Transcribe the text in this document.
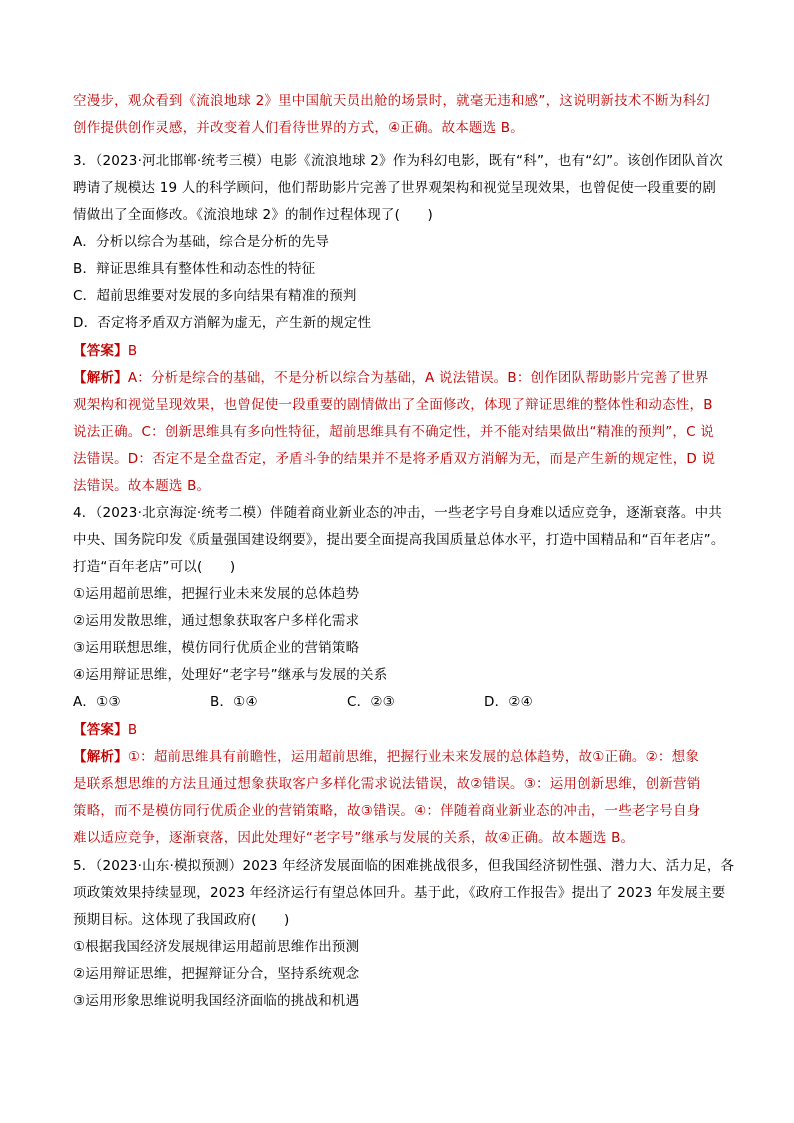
空漫步，观众看到《流浪地球 2》里中国航天员出舱的场景时，就毫无违和感”，这说明新技术不断为科幻
创作提供创作灵感，并改变着人们看待世界的方式，④正确。故本题选 B。
3．（2023·河北邯郸·统考三模）电影《流浪地球 2》作为科幻电影，既有“科”，也有“幻”。该创作团队首次
聘请了规模达 19 人的科学顾问，他们帮助影片完善了世界观架构和视觉呈现效果，也曾促使一段重要的剧
情做出了全面修改。《流浪地球 2》的制作过程体现了(　　)
A．分析以综合为基础，综合是分析的先导
B．辩证思维具有整体性和动态性的特征
C．超前思维要对发展的多向结果有精准的预判
D．否定将矛盾双方消解为虚无，产生新的规定性
【答案】B
【解析】A：分析是综合的基础，不是分析以综合为基础，A 说法错误。B：创作团队帮助影片完善了世界
观架构和视觉呈现效果，也曾促使一段重要的剧情做出了全面修改，体现了辩证思维的整体性和动态性，B
说法正确。C：创新思维具有多向性特征，超前思维具有不确定性，并不能对结果做出“精准的预判”，C 说
法错误。D：否定不是全盘否定，矛盾斗争的结果并不是将矛盾双方消解为无，而是产生新的规定性，D 说
法错误。故本题选 B。
4．（2023·北京海淀·统考二模）伴随着商业新业态的冲击，一些老字号自身难以适应竞争，逐渐衰落。中共
中央、国务院印发《质量强国建设纲要》，提出要全面提高我国质量总体水平，打造中国精品和“百年老店”。
打造“百年老店”可以(　　)
①运用超前思维，把握行业未来发展的总体趋势
②运用发散思维，通过想象获取客户多样化需求
③运用联想思维，模仿同行优质企业的营销策略
④运用辩证思维，处理好“老字号”继承与发展的关系
A．①③	B．①④	C．②③	D．②④
【答案】B
【解析】①：超前思维具有前瞻性，运用超前思维，把握行业未来发展的总体趋势，故①正确。②：想象
是联系想思维的方法且通过想象获取客户多样化需求说法错误，故②错误。③：运用创新思维，创新营销
策略，而不是模仿同行优质企业的营销策略，故③错误。④：伴随着商业新业态的冲击，一些老字号自身
难以适应竞争，逐渐衰落，因此处理好“老字号”继承与发展的关系，故④正确。故本题选 B。
5．（2023·山东·模拟预测）2023 年经济发展面临的困难挑战很多，但我国经济韧性强、潜力大、活力足，各
项政策效果持续显现，2023 年经济运行有望总体回升。基于此，《政府工作报告》提出了 2023 年发展主要
预期目标。这体现了我国政府(　　)
①根据我国经济发展规律运用超前思维作出预测
②运用辩证思维，把握辩证分合，坚持系统观念
③运用形象思维说明我国经济面临的挑战和机遇
